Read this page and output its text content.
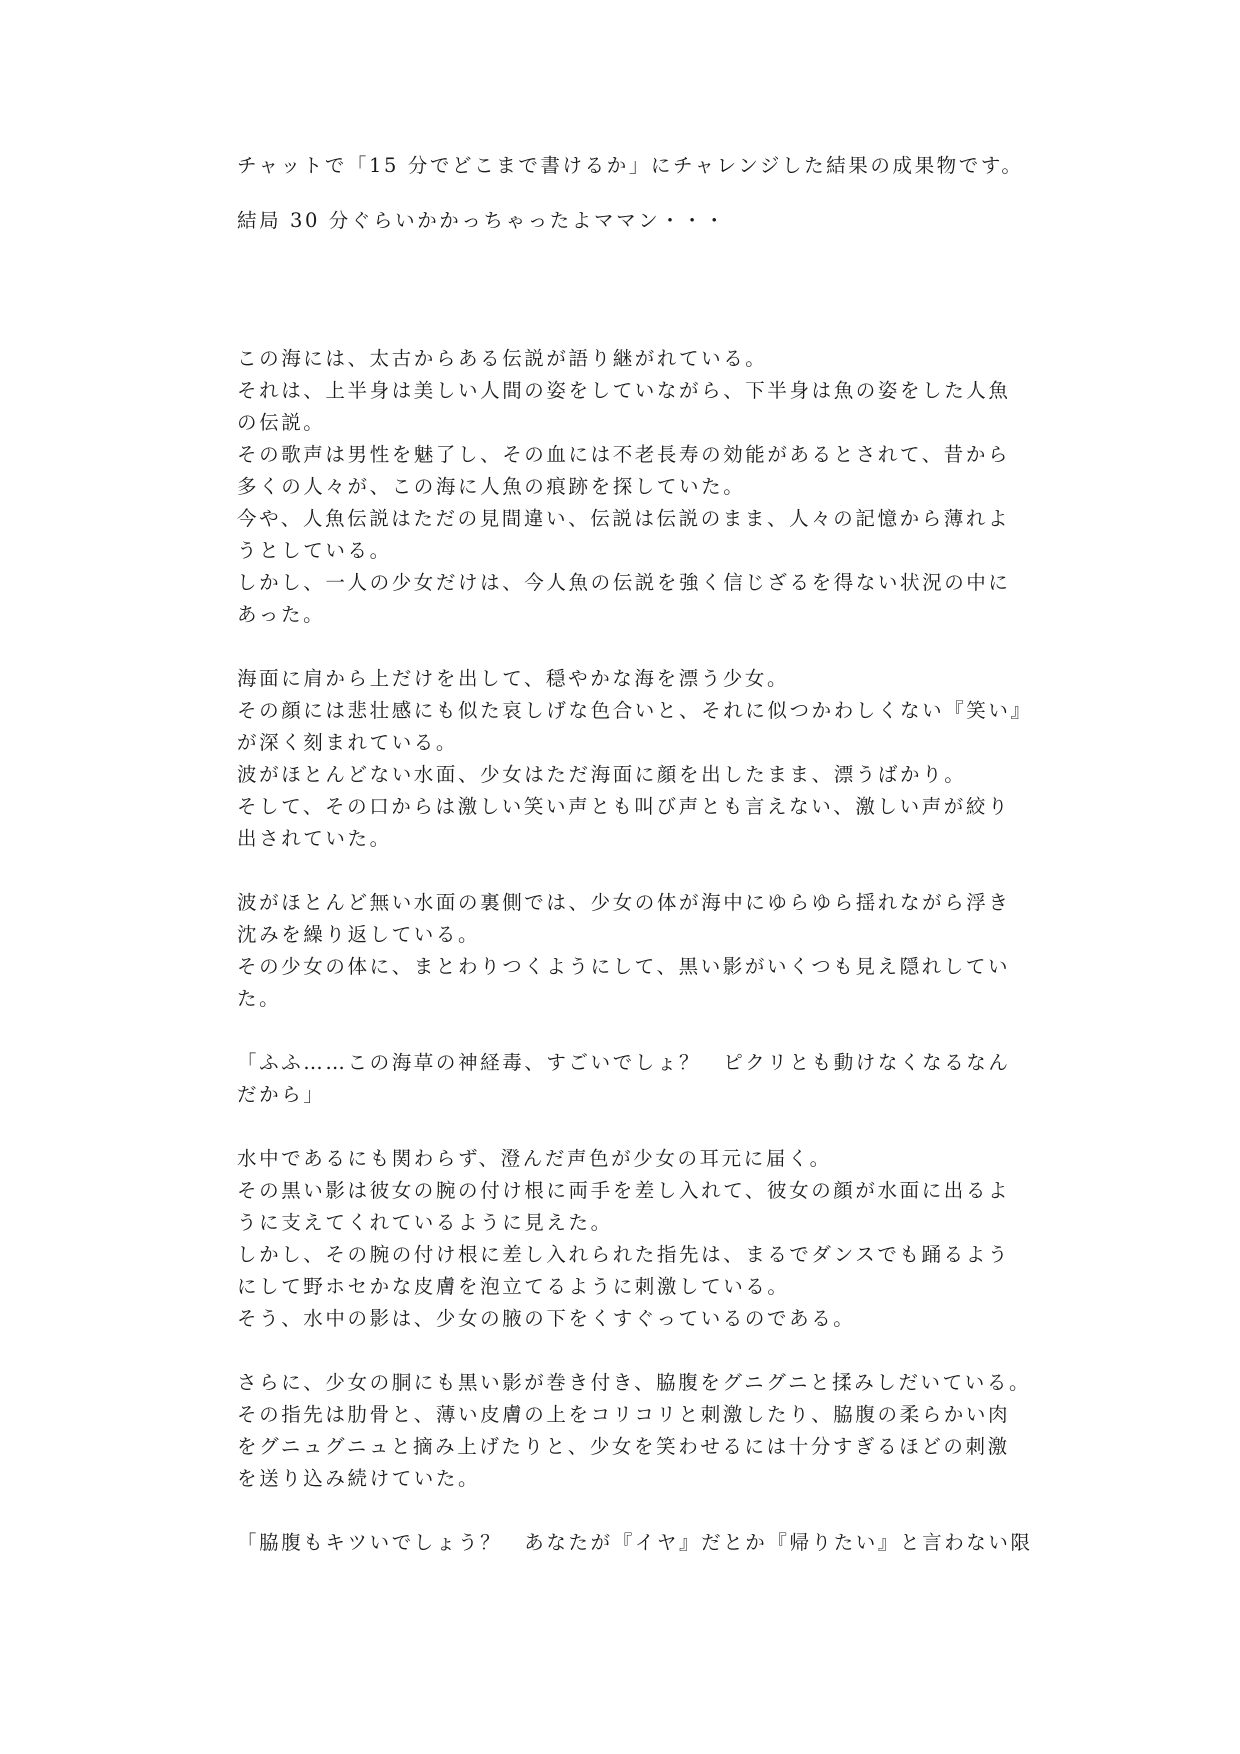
チャットで「15 分でどこまで書けるか」にチャレンジした結果の成果物です。

結局 30 分ぐらいかかっちゃったよママン・・・

この海には、太古からある伝説が語り継がれている。
それは、上半身は美しい人間の姿をしていながら、下半身は魚の姿をした人魚
の伝説。
その歌声は男性を魅了し、その血には不老長寿の効能があるとされて、昔から
多くの人々が、この海に人魚の痕跡を探していた。
今や、人魚伝説はただの見間違い、伝説は伝説のまま、人々の記憶から薄れよ
うとしている。
しかし、一人の少女だけは、今人魚の伝説を強く信じざるを得ない状況の中に
あった。
海面に肩から上だけを出して、穏やかな海を漂う少女。
その顔には悲壮感にも似た哀しげな色合いと、それに似つかわしくない『笑い』
が深く刻まれている。
波がほとんどない水面、少女はただ海面に顔を出したまま、漂うばかり。
そして、その口からは激しい笑い声とも叫び声とも言えない、激しい声が絞り
出されていた。
波がほとんど無い水面の裏側では、少女の体が海中にゆらゆら揺れながら浮き
沈みを繰り返している。
その少女の体に、まとわりつくようにして、黒い影がいくつも見え隠れしてい
た。
「ふふ……この海草の神経毒、すごいでしょ？　ピクリとも動けなくなるなん
だから」
水中であるにも関わらず、澄んだ声色が少女の耳元に届く。
その黒い影は彼女の腕の付け根に両手を差し入れて、彼女の顔が水面に出るよ
うに支えてくれているように見えた。
しかし、その腕の付け根に差し入れられた指先は、まるでダンスでも踊るよう
にして野ホセかな皮膚を泡立てるように刺激している。
そう、水中の影は、少女の腋の下をくすぐっているのである。
さらに、少女の胴にも黒い影が巻き付き、脇腹をグニグニと揉みしだいている。
その指先は肋骨と、薄い皮膚の上をコリコリと刺激したり、脇腹の柔らかい肉
をグニュグニュと摘み上げたりと、少女を笑わせるには十分すぎるほどの刺激
を送り込み続けていた。
「脇腹もキツいでしょう？　あなたが『イヤ』だとか『帰りたい』と言わない限
